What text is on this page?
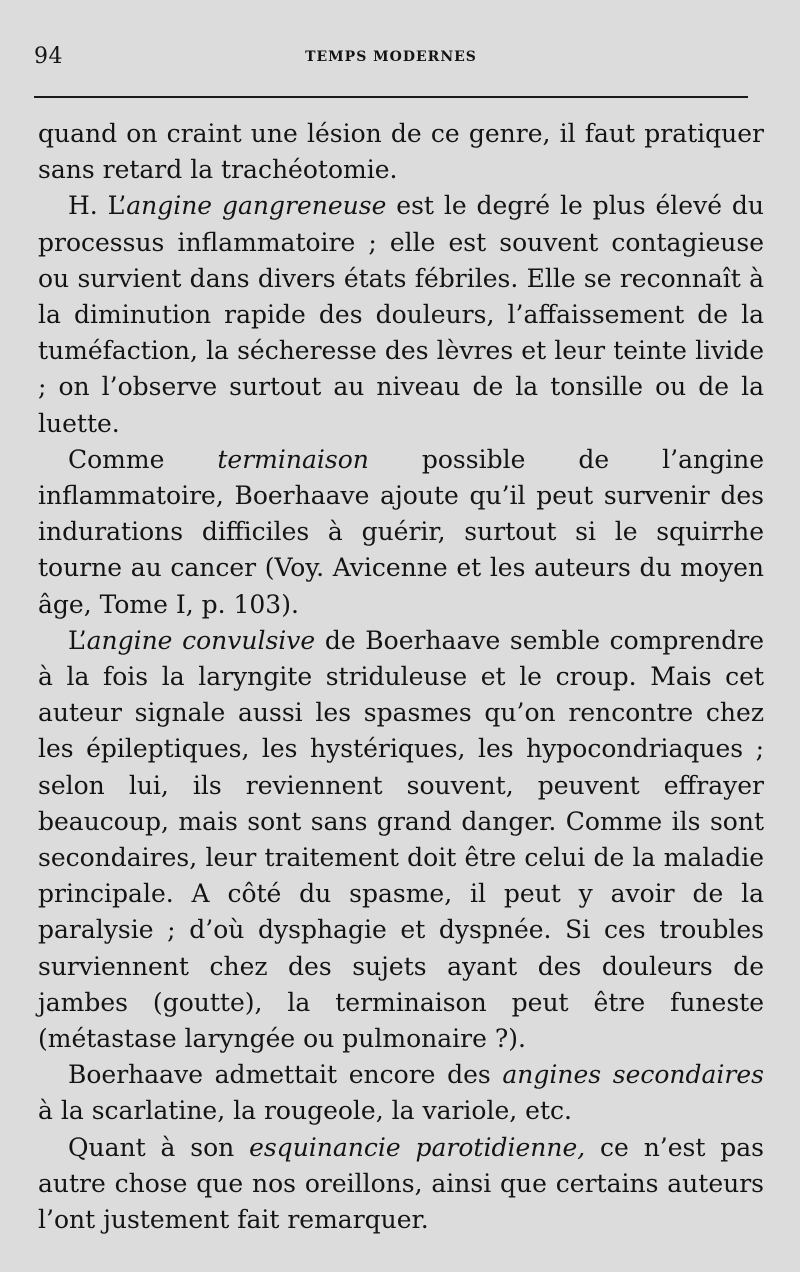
94	TEMPS MODERNES

quand on craint une lésion de ce genre, il faut pratiquer sans retard la trachéotomie.

H. L’angine gangreneuse est le degré le plus élevé du processus inflammatoire ; elle est souvent contagieuse ou survient dans divers états fébriles. Elle se reconnaît à la diminution rapide des douleurs, l’affaissement de la tuméfaction, la sécheresse des lèvres et leur teinte livide ; on l’observe surtout au niveau de la tonsille ou de la luette.

Comme terminaison possible de l’angine inflammatoire, Boerhaave ajoute qu’il peut survenir des indurations difficiles à guérir, surtout si le squirrhe tourne au cancer (Voy. Avicenne et les auteurs du moyen âge, Tome I, p. 103).

L’angine convulsive de Boerhaave semble comprendre à la fois la laryngite striduleuse et le croup. Mais cet auteur signale aussi les spasmes qu’on rencontre chez les épileptiques, les hystériques, les hypocondriaques ; selon lui, ils reviennent souvent, peuvent effrayer beaucoup, mais sont sans grand danger. Comme ils sont secondaires, leur traitement doit être celui de la maladie principale. A côté du spasme, il peut y avoir de la paralysie ; d’où dysphagie et dyspnée. Si ces troubles surviennent chez des sujets ayant des douleurs de jambes (goutte), la terminaison peut être funeste (métastase laryngée ou pulmonaire ?).

Boerhaave admettait encore des angines secondaires à la scarlatine, la rougeole, la variole, etc.

Quant à son esquinancie parotidienne, ce n’est pas autre chose que nos oreillons, ainsi que certains auteurs l’ont justement fait remarquer.
